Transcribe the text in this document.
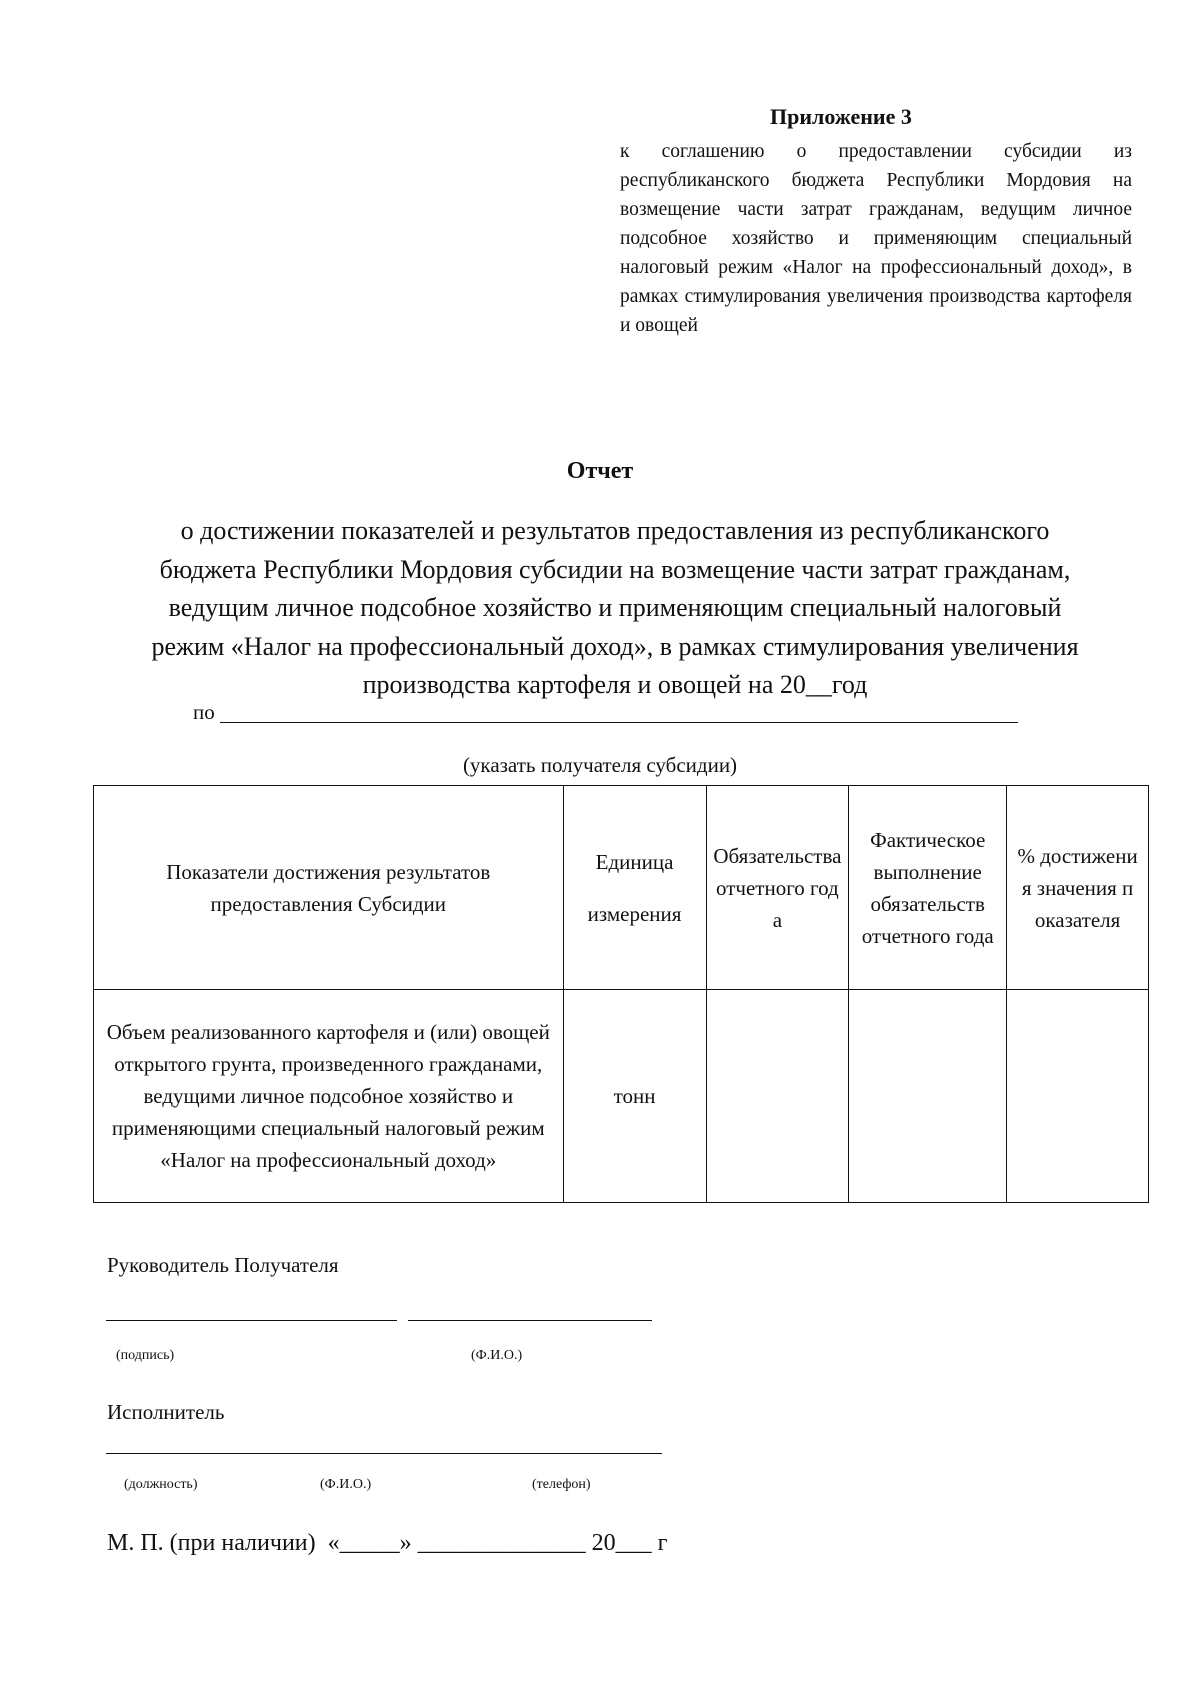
Приложение 3
к соглашению о предоставлении субсидии из республиканского бюджета Республики Мордовия на возмещение части затрат гражданам, ведущим личное подсобное хозяйство и применяющим специальный налоговый режим «Налог на профессиональный доход», в рамках стимулирования увеличения производства картофеля и овощей
Отчет
о достижении показателей и результатов предоставления из республиканского
бюджета Республики Мордовия субсидии на возмещение части затрат гражданам,
ведущим личное подсобное хозяйство и применяющим специальный налоговый
режим «Налог на профессиональный доход», в рамках стимулирования увеличения
производства картофеля и овощей на 20__год
по
(указать получателя субсидии)
Показатели достижения результатов предоставления Субсидии	Единица измерения	Обязательства отчетного года	Фактическое выполнение обязательств отчетного года	% достижения значения показателя
Объем реализованного картофеля и (или) овощей открытого грунта, произведенного гражданами, ведущими личное подсобное хозяйство и применяющими специальный налоговый режим «Налог на профессиональный доход»	тонн			
Руководитель Получателя
(подпись)	(Ф.И.О.)
Исполнитель
(должность)	(Ф.И.О.)	(телефон)
М. П. (при наличии)  «_____» ______________ 20___ г
